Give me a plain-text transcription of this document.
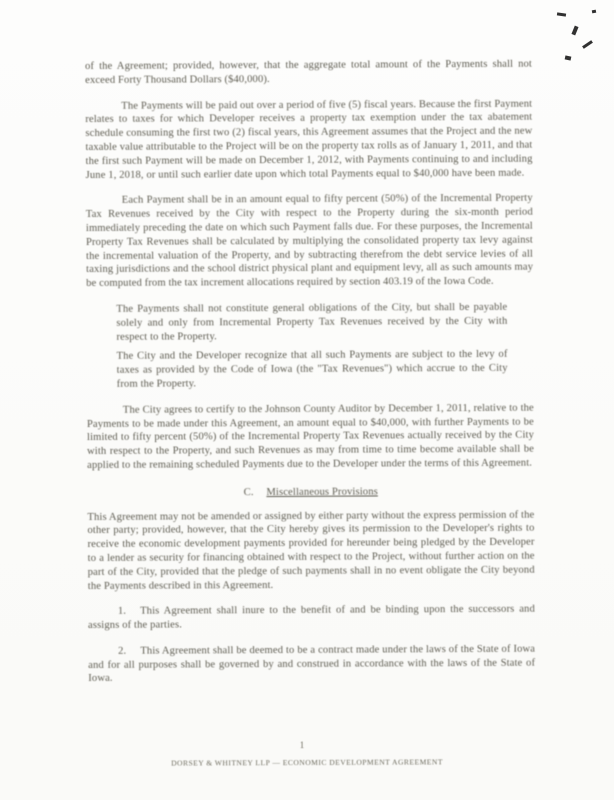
of the Agreement; provided, however, that the aggregate total amount of the Payments shall not exceed Forty Thousand Dollars ($40,000).

The Payments will be paid out over a period of five (5) fiscal years. Because the first Payment relates to taxes for which Developer receives a property tax exemption under the tax abatement schedule consuming the first two (2) fiscal years, this Agreement assumes that the Project and the new taxable value attributable to the Project will be on the property tax rolls as of January 1, 2011, and that the first such Payment will be made on December 1, 2012, with Payments continuing to and including June 1, 2018, or until such earlier date upon which total Payments equal to $40,000 have been made.

Each Payment shall be in an amount equal to fifty percent (50%) of the Incremental Property Tax Revenues received by the City with respect to the Property during the six-month period immediately preceding the date on which such Payment falls due. For these purposes, the Incremental Property Tax Revenues shall be calculated by multiplying the consolidated property tax levy against the incremental valuation of the Property, and by subtracting therefrom the debt service levies of all taxing jurisdictions and the school district physical plant and equipment levy, all as such amounts may be computed from the tax increment allocations required by section 403.19 of the Iowa Code.

The Payments shall not constitute general obligations of the City, but shall be payable solely and only from Incremental Property Tax Revenues received by the City with respect to the Property.

The City and the Developer recognize that all such Payments are subject to the levy of taxes as provided by the Code of Iowa (the "Tax Revenues") which accrue to the City from the Property.

The City agrees to certify to the Johnson County Auditor by December 1, 2011, relative to the Payments to be made under this Agreement, an amount equal to $40,000, with further Payments to be limited to fifty percent (50%) of the Incremental Property Tax Revenues actually received by the City with respect to the Property, and such Revenues as may from time to time become available shall be applied to the remaining scheduled Payments due to the Developer under the terms of this Agreement.

C. Miscellaneous Provisions

This Agreement may not be amended or assigned by either party without the express permission of the other party; provided, however, that the City hereby gives its permission to the Developer's rights to receive the economic development payments provided for hereunder being pledged by the Developer to a lender as security for financing obtained with respect to the Project, without further action on the part of the City, provided that the pledge of such payments shall in no event obligate the City beyond the Payments described in this Agreement.

1. This Agreement shall inure to the benefit of and be binding upon the successors and assigns of the parties.

2. This Agreement shall be deemed to be a contract made under the laws of the State of Iowa and for all purposes shall be governed by and construed in accordance with the laws of the State of Iowa.

1
DORSEY & WHITNEY LLP — ECONOMIC DEVELOPMENT AGREEMENT
